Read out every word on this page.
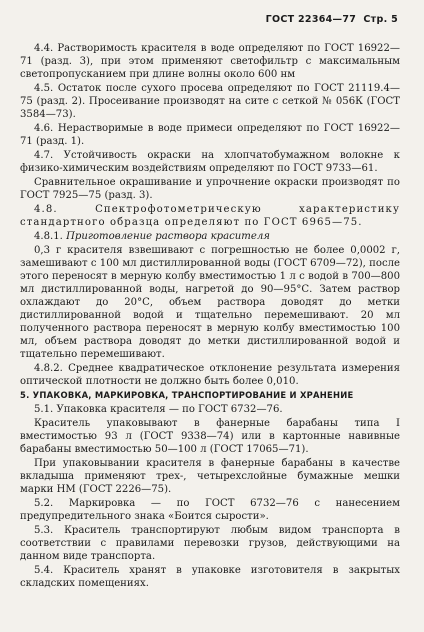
ГОСТ 22364—77 Стр. 5

4.4. Растворимость красителя в воде определяют по ГОСТ 16922—71 (разд. 3), при этом применяют светофильтр с максимальным светопропусканием при длине волны около 600 нм

4.5. Остаток после сухого просева определяют по ГОСТ 21119.4—75 (разд. 2). Просеивание производят на сите с сеткой № 056К (ГОСТ 3584—73).

4.6. Нерастворимые в воде примеси определяют по ГОСТ 16922—71 (разд. 1).

4.7. Устойчивость окраски на хлопчатобумажном волокне к физико-химическим воздействиям определяют по ГОСТ 9733—61.

Сравнительное окрашивание и упрочнение окраски производят по ГОСТ 7925—75 (разд. 3).

4.8. Спектрофотометрическую характеристику стандартного образца определяют по ГОСТ 6965—75.

4.8.1. Приготовление раствора красителя

0,3 г красителя взвешивают с погрешностью не более 0,0002 г, замешивают с 100 мл дистиллированной воды (ГОСТ 6709—72), после этого переносят в мерную колбу вместимостью 1 л с водой в 700—800 мл дистиллированной воды, нагретой до 90—95°С. Затем раствор охлаждают до 20°С, объем раствора доводят до метки дистиллированной водой и тщательно перемешивают. 20 мл полученного раствора переносят в мерную колбу вместимостью 100 мл, объем раствора доводят до метки дистиллированной водой и тщательно перемешивают.

4.8.2. Среднее квадратическое отклонение результата измерения оптической плотности не должно быть более 0,010.

5. УПАКОВКА, МАРКИРОВКА, ТРАНСПОРТИРОВАНИЕ И ХРАНЕНИЕ

5.1. Упаковка красителя — по ГОСТ 6732—76.

Краситель упаковывают в фанерные барабаны типа I вместимостью 93 л (ГОСТ 9338—74) или в картонные навивные барабаны вместимостью 50—100 л (ГОСТ 17065—71).

При упаковывании красителя в фанерные барабаны в качестве вкладыша применяют трех-, четырехслойные бумажные мешки марки НМ (ГОСТ 2226—75).

5.2. Маркировка — по ГОСТ 6732—76 с нанесением предупредительного знака «Боится сырости».

5.3. Краситель транспортируют любым видом транспорта в соответствии с правилами перевозки грузов, действующими на данном виде транспорта.

5.4. Краситель хранят в упаковке изготовителя в закрытых складских помещениях.
